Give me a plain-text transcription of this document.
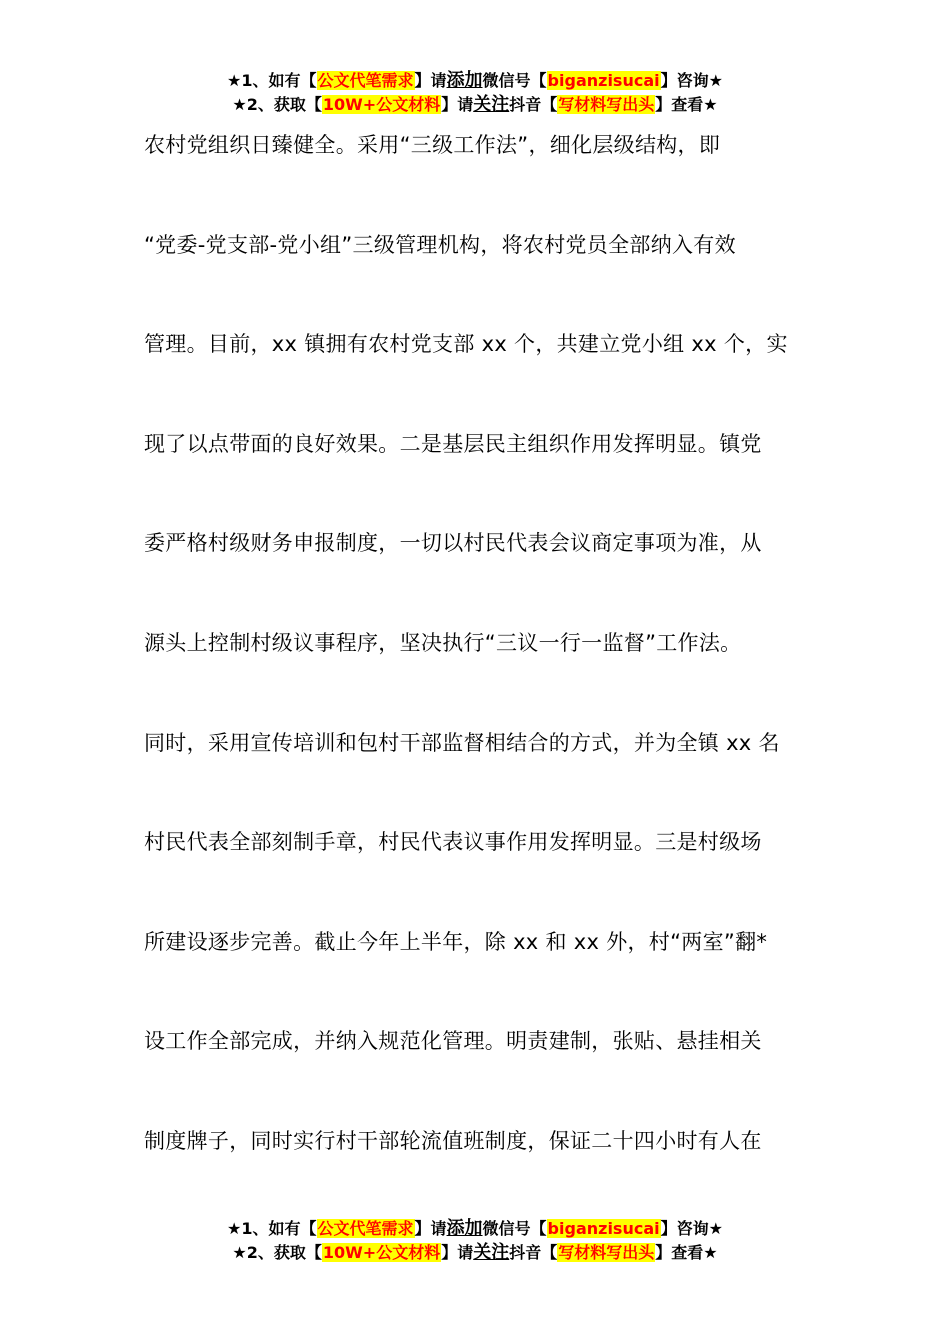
★1、如有【公文代笔需求】请添加微信号【biganzisucai】咨询★
★2、获取【10W+公文材料】请关注抖音【写材料写出头】查看★
农村党组织日臻健全。采用“三级工作法”，细化层级结构，即
“党委-党支部-党小组”三级管理机构，将农村党员全部纳入有效
管理。目前，xx 镇拥有农村党支部 xx 个，共建立党小组 xx 个，实
现了以点带面的良好效果。二是基层民主组织作用发挥明显。镇党
委严格村级财务申报制度，一切以村民代表会议商定事项为准，从
源头上控制村级议事程序，坚决执行“三议一行一监督”工作法。
同时，采用宣传培训和包村干部监督相结合的方式，并为全镇 xx 名
村民代表全部刻制手章，村民代表议事作用发挥明显。三是村级场
所建设逐步完善。截止今年上半年，除 xx 和 xx 外，村“两室”翻*
设工作全部完成，并纳入规范化管理。明责建制，张贴、悬挂相关
制度牌子，同时实行村干部轮流值班制度，保证二十四小时有人在
★1、如有【公文代笔需求】请添加微信号【biganzisucai】咨询★
★2、获取【10W+公文材料】请关注抖音【写材料写出头】查看★
